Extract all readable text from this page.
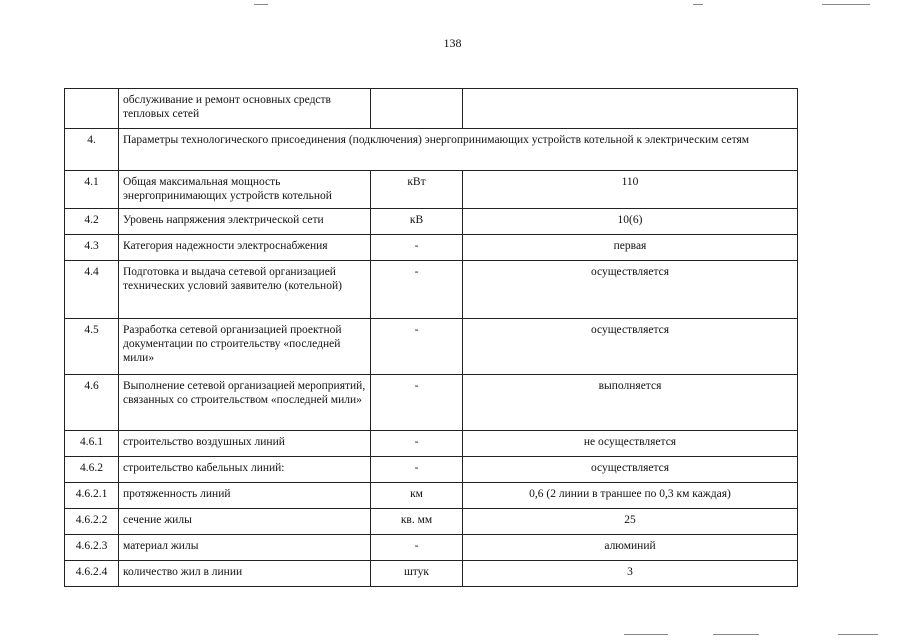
138
	обслуживание и ремонт основных средств тепловых сетей		
4.	Параметры технологического присоединения (подключения) энергопринимающих устройств котельной к электрическим сетям		
4.1	Общая максимальная мощность энергопринимающих устройств котельной	кВт	110
4.2	Уровень напряжения электрической сети	кВ	10(6)
4.3	Категория надежности электроснабжения	-	первая
4.4	Подготовка и выдача сетевой организацией технических условий заявителю (котельной)	-	осуществляется
4.5	Разработка сетевой организацией проектной документации по строительству «последней мили»	-	осуществляется
4.6	Выполнение сетевой организацией мероприятий, связанных со строительством «последней мили»	-	выполняется
4.6.1	строительство воздушных линий	-	не осуществляется
4.6.2	строительство кабельных линий:	-	осуществляется
4.6.2.1	протяженность линий	км	0,6 (2 линии в траншее по 0,3 км каждая)
4.6.2.2	сечение жилы	кв. мм	25
4.6.2.3	материал жилы	-	алюминий
4.6.2.4	количество жил в линии	штук	3
